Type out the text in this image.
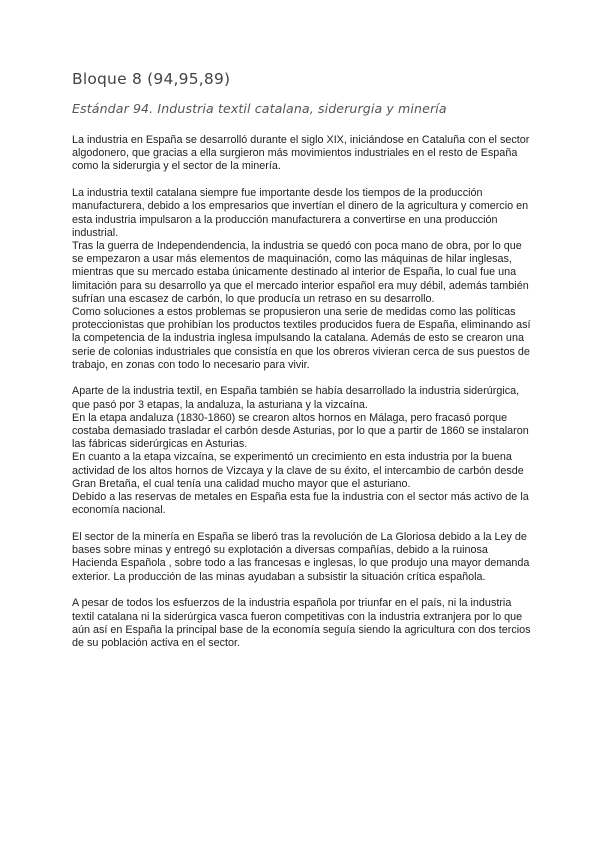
Bloque 8 (94,95,89)
Estándar 94. Industria textil catalana, siderurgia y minería

La industria en España se desarrolló durante el siglo XIX, iniciándose en Cataluña con el sector algodonero, que gracias a ella surgieron más movimientos industriales en el resto de España como la siderurgia y el sector de la minería.

La industria textil catalana siempre fue importante desde los tiempos de la producción manufacturera, debido a los empresarios que invertían el dinero de la agricultura y comercio en esta industria impulsaron a la producción manufacturera a convertirse en una producción industrial.

Tras la guerra de Independendencia, la industria se quedó con poca mano de obra, por lo que se empezaron a usar más elementos de maquinación, como las máquinas de hilar inglesas, mientras que su mercado estaba únicamente destinado al interior de España, lo cual fue una limitación para su desarrollo ya que el mercado interior español era muy débil, además también sufrían una escasez de carbón, lo que producía un retraso en su desarrollo.

Como soluciones a estos problemas se propusieron una serie de medidas como las políticas proteccionistas que prohibían los productos textiles producidos fuera de España, eliminando así la competencia de la industria inglesa impulsando la catalana. Además de esto se crearon una serie de colonias industriales que consistía en que los obreros vivieran cerca de sus puestos de trabajo, en zonas con todo lo necesario para vivir.

Aparte de la industria textil, en España también se había desarrollado la industria siderúrgica, que pasó por 3 etapas, la andaluza, la asturiana y la vizcaína.

En la etapa andaluza (1830-1860) se crearon altos hornos en Málaga, pero fracasó porque costaba demasiado trasladar el carbón desde Asturias, por lo que a partir de 1860 se instalaron las fábricas siderúrgicas en Asturias.

En cuanto a la etapa vizcaína, se experimentó un crecimiento en esta industria por la buena actividad de los altos hornos de Vizcaya y la clave de su éxito, el intercambio de carbón desde Gran Bretaña, el cual tenía una calidad mucho mayor que el asturiano.

Debido a las reservas de metales en España esta fue la industria con el sector más activo de la economía nacional.

El sector de la minería en España se liberó tras la revolución de La Gloriosa debido a la Ley de bases sobre minas y entregó su explotación a diversas compañías, debido a la ruinosa Hacienda Española , sobre todo a las francesas e inglesas, lo que produjo una mayor demanda exterior. La producción de las minas ayudaban a subsistir la situación crítica española.

A pesar de todos los esfuerzos de la industria española por triunfar en el país, ni la industria textil catalana ni la siderúrgica vasca fueron competitivas con la industria extranjera por lo que aún así en España la principal base de la economía seguía siendo la agricultura con dos tercios de su población activa en el sector.
